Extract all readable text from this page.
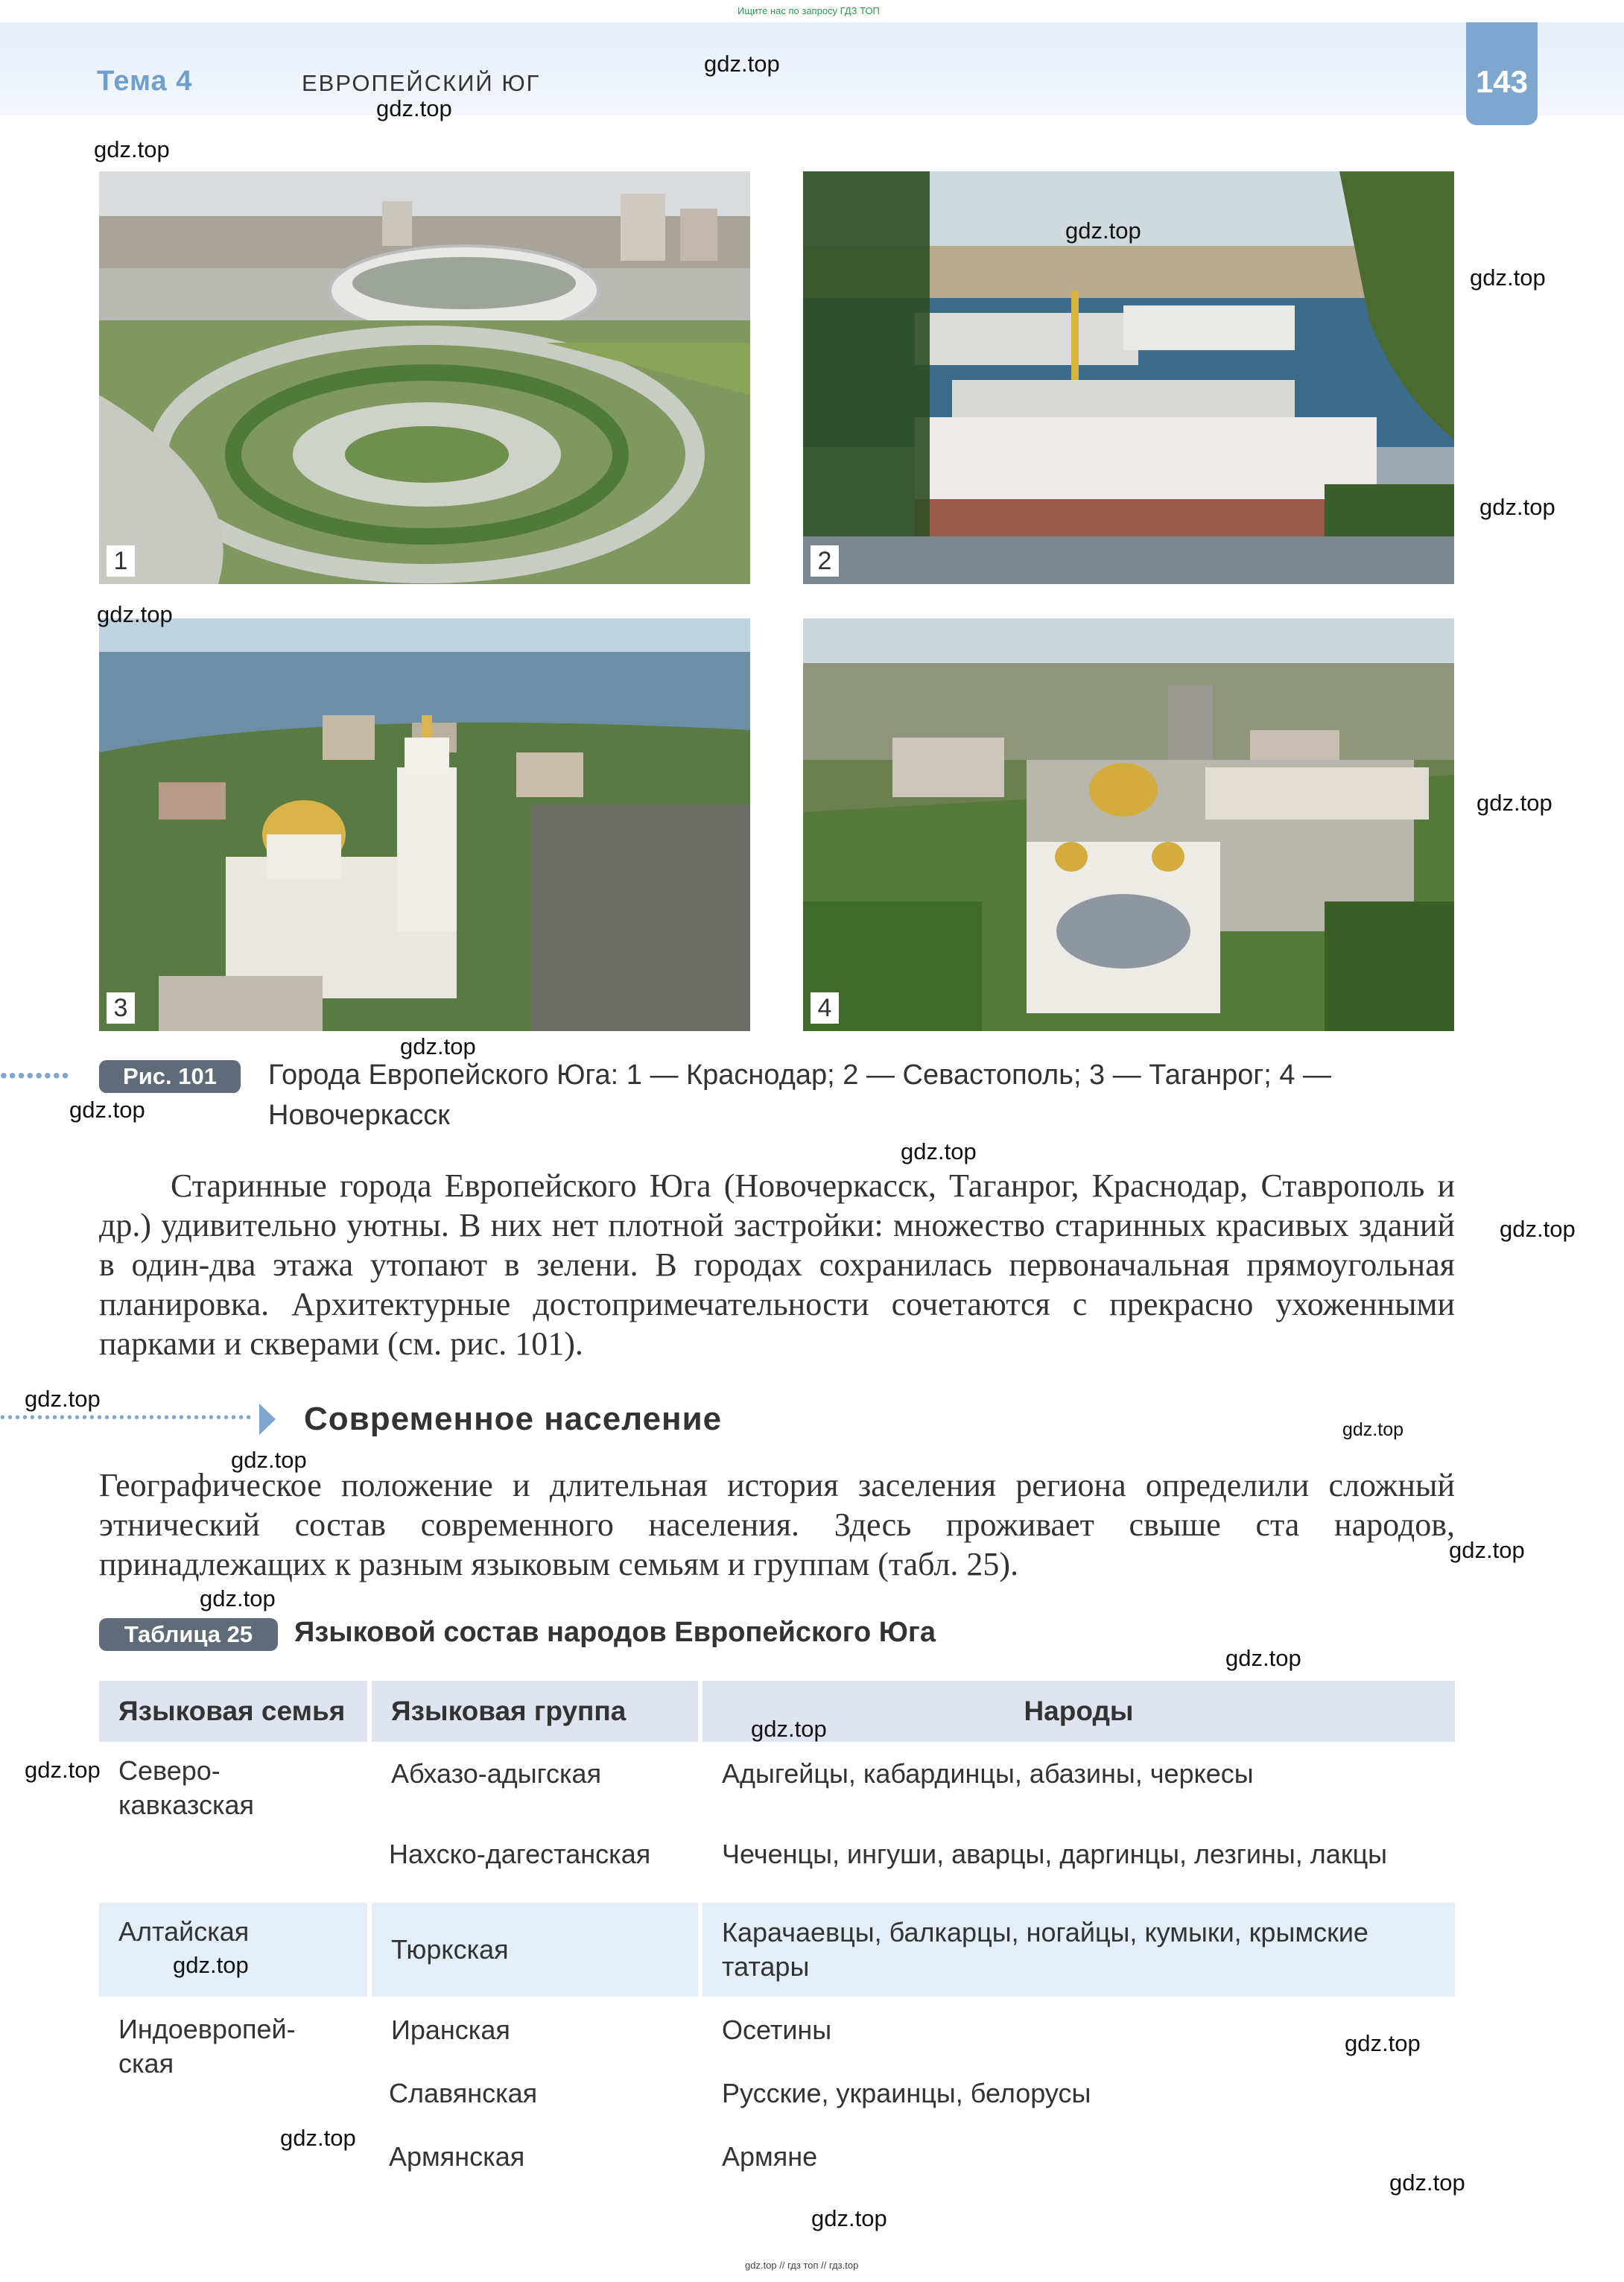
Ищите нас по запросу ГДЗ ТОП
Тема 4	ЕВРОПЕЙСКИЙ ЮГ	143
1	2
3	4
••••••••	Рис. 101	Города Европейского Юга: 1 — Краснодар; 2 — Севастополь; 3 — Таганрог; 4 — Новочеркасск
Старинные города Европейского Юга (Новочеркасск, Таганрог, Краснодар, Ставрополь и др.) удивительно уютны. В них нет плотной застройки: множество старинных красивых зданий в один-два этажа утопают в зелени. В городах сохранилась первоначальная прямоугольная планировка. Архитектурные достопримечательности сочетаются с прекрасно ухоженными парками и скверами (см. рис. 101).
•••••••••••••••••••••••••••••••••• Современное население
Географическое положение и длительная история заселения региона определили сложный этнический состав современного населения. Здесь проживает свыше ста народов, принадлежащих к разным языковым семьям и группам (табл. 25).
Таблица 25	Языковой состав народов Европейского Юга
Языковая семья	Языковая группа	Народы
Северо-кавказская	Абхазо-адыгская	Адыгейцы, кабардинцы, абазины, черкесы
	Нахско-дагестанская	Чеченцы, ингуши, аварцы, даргинцы, лезгины, лакцы
Алтайская	Тюркская	Карачаевцы, балкарцы, ногайцы, кумыки, крымские татары
Индоевропей-ская	Иранская	Осетины
	Славянская	Русские, украинцы, белорусы
	Армянская	Армяне
gdz.top
gdz.top
gdz.top
gdz.top
gdz.top
gdz.top
gdz.top
gdz.top
gdz.top
gdz.top
gdz.top
gdz.top
gdz.top
gdz.top
gdz.top
gdz.top
gdz.top
gdz.top
gdz.top
gdz.top
gdz.top
gdz.top
gdz.top
gdz.top
gdz.top
gdz.top // гдз топ // гдз.top
